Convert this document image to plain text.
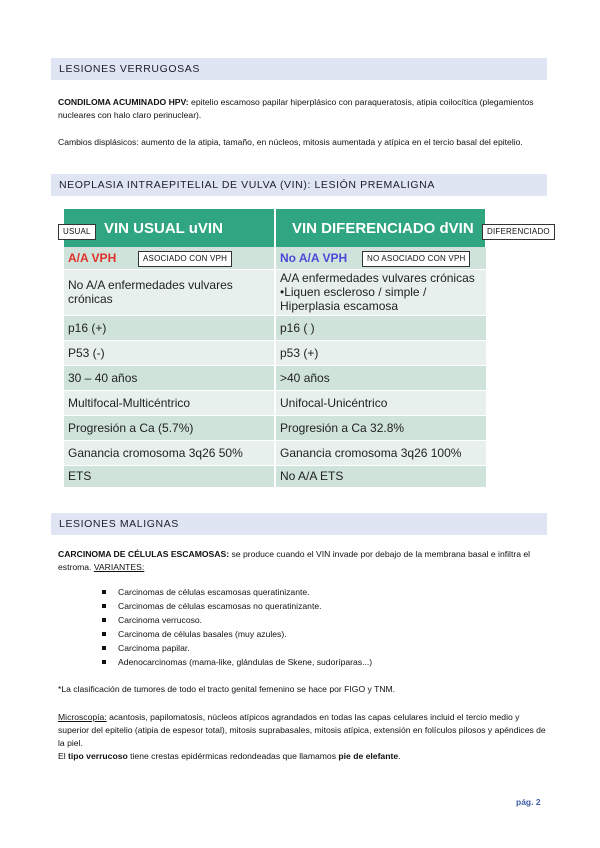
LESIONES VERRUGOSAS
CONDILOMA ACUMINADO HPV: epitelio escamoso papilar hiperplásico con paraqueratosis, atipia coilocítica (plegamientos nucleares con halo claro perinuclear).
Cambios displásicos: aumento de la atipia, tamaño, en núcleos, mitosis aumentada y atípica en el tercio basal del epitelio.
NEOPLASIA INTRAEPITELIAL DE VULVA (VIN): LESIÓN PREMALIGNA
VIN USUAL uVIN	VIN DIFERENCIADO dVIN
A/A VPH	No A/A VPH
No A/A enfermedades vulvares crónicas	A/A enfermedades vulvares crónicas •Liquen escleroso / simple / Hiperplasia escamosa
p16 (+)	p16 ( )
P53 (-)	p53 (+)
30 – 40 años	>40 años
Multifocal-Multicéntrico	Unifocal-Unicéntrico
Progresión a Ca (5.7%)	Progresión a Ca 32.8%
Ganancia cromosoma 3q26 50%	Ganancia cromosoma 3q26 100%
ETS	No A/A ETS
USUAL	DIFERENCIADO
ASOCIADO CON VPH	NO ASOCIADO CON VPH
LESIONES MALIGNAS
CARCINOMA DE CÉLULAS ESCAMOSAS: se produce cuando el VIN invade por debajo de la membrana basal e infiltra el estroma. VARIANTES:
Carcinomas de células escamosas queratinizante.
Carcinomas de células escamosas no queratinizante.
Carcinoma verrucoso.
Carcinoma de células basales (muy azules).
Carcinoma papilar.
Adenocarcinomas (mama-like, glándulas de Skene, sudoríparas...)
*La clasificación de tumores de todo el tracto genital femenino se hace por FIGO y TNM.
Microscopía: acantosis, papilomatosis, núcleos atípicos agrandados en todas las capas celulares incluid el tercio medio y superior del epitelio (atipia de espesor total), mitosis suprabasales, mitosis atípica, extensión en folículos pilosos y apéndices de la piel.
El tipo verrucoso tiene crestas epidérmicas redondeadas que llamamos pie de elefante.
pág. 2
